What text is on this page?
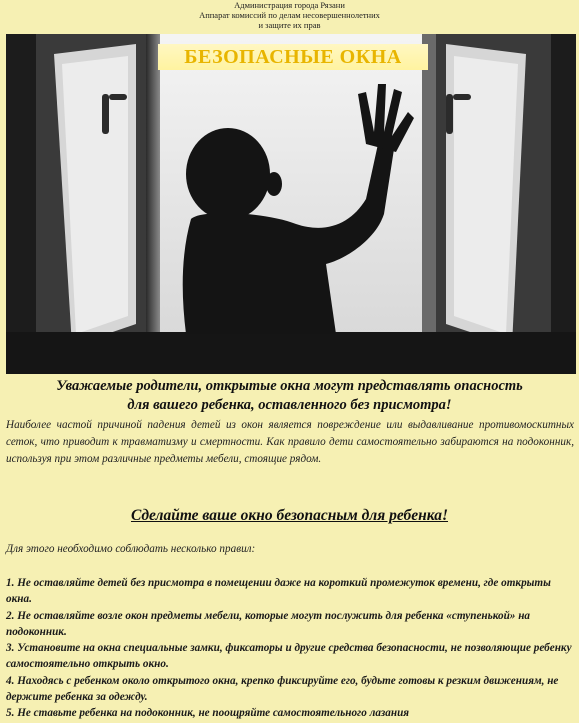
Администрация города Рязани
Аппарат комиссий по делам несовершеннолетних
и защите их прав
БЕЗОПАСНЫЕ ОКНА
Уважаемые родители, открытые окна могут представлять опасность
для вашего ребенка, оставленного без присмотра!
Наиболее частой причиной падения детей из окон является повреждение или выдавливание противомоскитных сеток, что приводит к травматизму и смертности. Как правило дети самостоятельно забираются на подоконник, используя при этом различные предметы мебели, стоящие рядом.
Сделайте ваше окно безопасным для ребенка!
Для этого необходимо соблюдать несколько правил:

1. Не оставляйте детей без присмотра в помещении даже на короткий промежуток времени, где открыты окна.

2. Не оставляйте возле окон предметы мебели, которые могут послужить для ребенка «ступенькой» на подоконник.

3. Установите на окна специальные замки, фиксаторы и другие средства безопасности, не позволяющие ребенку самостоятельно открыть окно.

4. Находясь с ребенком около открытого окна, крепко фиксируйте его, будьте готовы к резким движениям, не держите ребенка за одежду.

5. Не ставьте ребенка на подоконник, не поощряйте самостоятельного лазания
